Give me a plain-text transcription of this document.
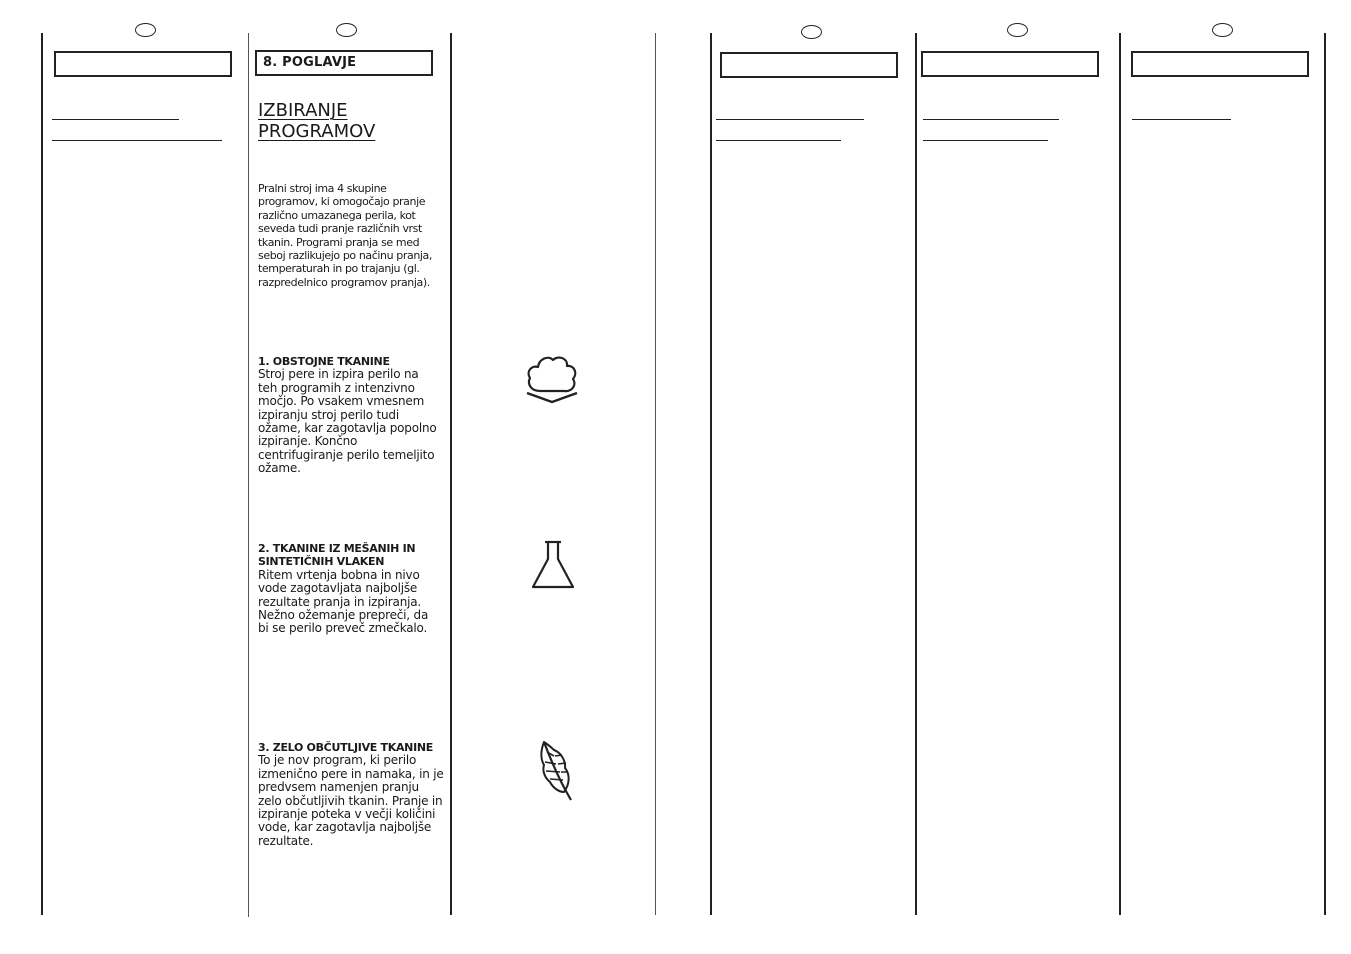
8. POGLAVJE
IZBIRANJE
PROGRAMOV

Pralni stroj ima 4 skupine programov, ki omogočajo pranje različno umazanega perila, kot seveda tudi pranje različnih vrst tkanin. Programi pranja se med seboj razlikujejo po načinu pranja, temperaturah in po trajanju (gl. razpredelnico programov pranja).

1. OBSTOJNE TKANINE

Stroj pere in izpira perilo na teh programih z intenzivno močjo. Po vsakem vmesnem izpiranju stroj perilo tudi ožame, kar zagotavlja popolno izpiranje. Končno centrifugiranje perilo temeljito ožame.

2. TKANINE IZ MEŠANIH IN

SINTETIČNIH VLAKEN

Ritem vrtenja bobna in nivo vode zagotavljata najboljše rezultate pranja in izpiranja. Nežno ožemanje prepreči, da bi se perilo preveč zmečkalo.

3. ZELO OBČUTLJIVE TKANINE

To je nov program, ki perilo izmenično pere in namaka, in je predvsem namenjen pranju zelo občutljivih tkanin. Pranje in izpiranje poteka v večji količini vode, kar zagotavlja najboljše rezultate.
